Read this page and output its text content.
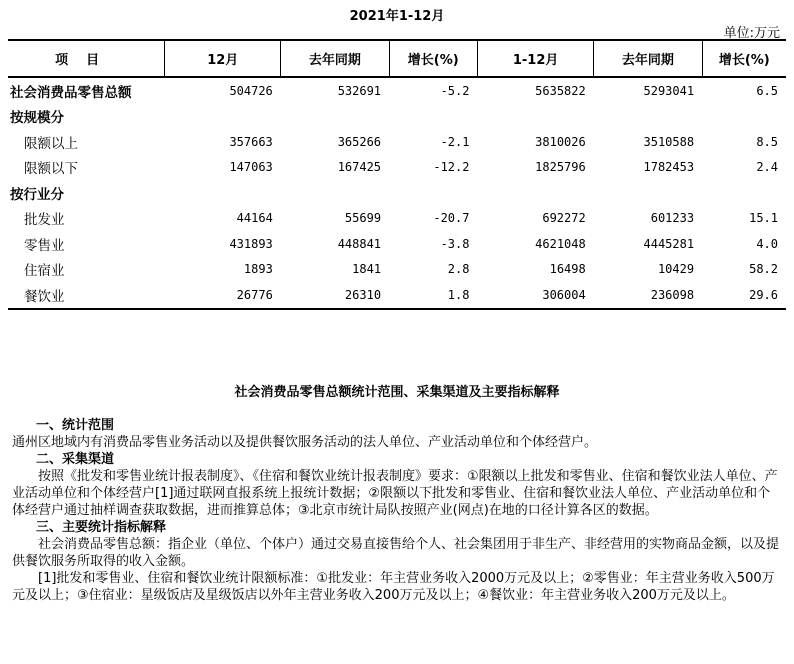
2021年1-12月
单位:万元
项目	12月	去年同期	增长(%)	1-12月	去年同期	增长(%)
社会消费品零售总额	504726	532691	-5.2	5635822	5293041	6.5
按规模分						
限额以上	357663	365266	-2.1	3810026	3510588	8.5
限额以下	147063	167425	-12.2	1825796	1782453	2.4
按行业分						
批发业	44164	55699	-20.7	692272	601233	15.1
零售业	431893	448841	-3.8	4621048	4445281	4.0
住宿业	1893	1841	2.8	16498	10429	58.2
餐饮业	26776	26310	1.8	306004	236098	29.6
社会消费品零售总额统计范围、采集渠道及主要指标解释
一、统计范围
通州区地域内有消费品零售业务活动以及提供餐饮服务活动的法人单位、产业活动单位和个体经营户。
二、采集渠道
按照《批发和零售业统计报表制度》、《住宿和餐饮业统计报表制度》要求：①限额以上批发和零售业、住宿和餐饮业法人单位、产业活动单位和个体经营户[1]通过联网直报系统上报统计数据；②限额以下批发和零售业、住宿和餐饮业法人单位、产业活动单位和个体经营户通过抽样调查获取数据，进而推算总体；③北京市统计局队按照产业(网点)在地的口径计算各区的数据。
三、主要统计指标解释
社会消费品零售总额：指企业（单位、个体户）通过交易直接售给个人、社会集团用于非生产、非经营用的实物商品金额，以及提供餐饮服务所取得的收入金额。
[1]批发和零售业、住宿和餐饮业统计限额标准：①批发业：年主营业务收入2000万元及以上；②零售业：年主营业务收入500万元及以上；③住宿业：星级饭店及星级饭店以外年主营业务收入200万元及以上；④餐饮业：年主营业务收入200万元及以上。
